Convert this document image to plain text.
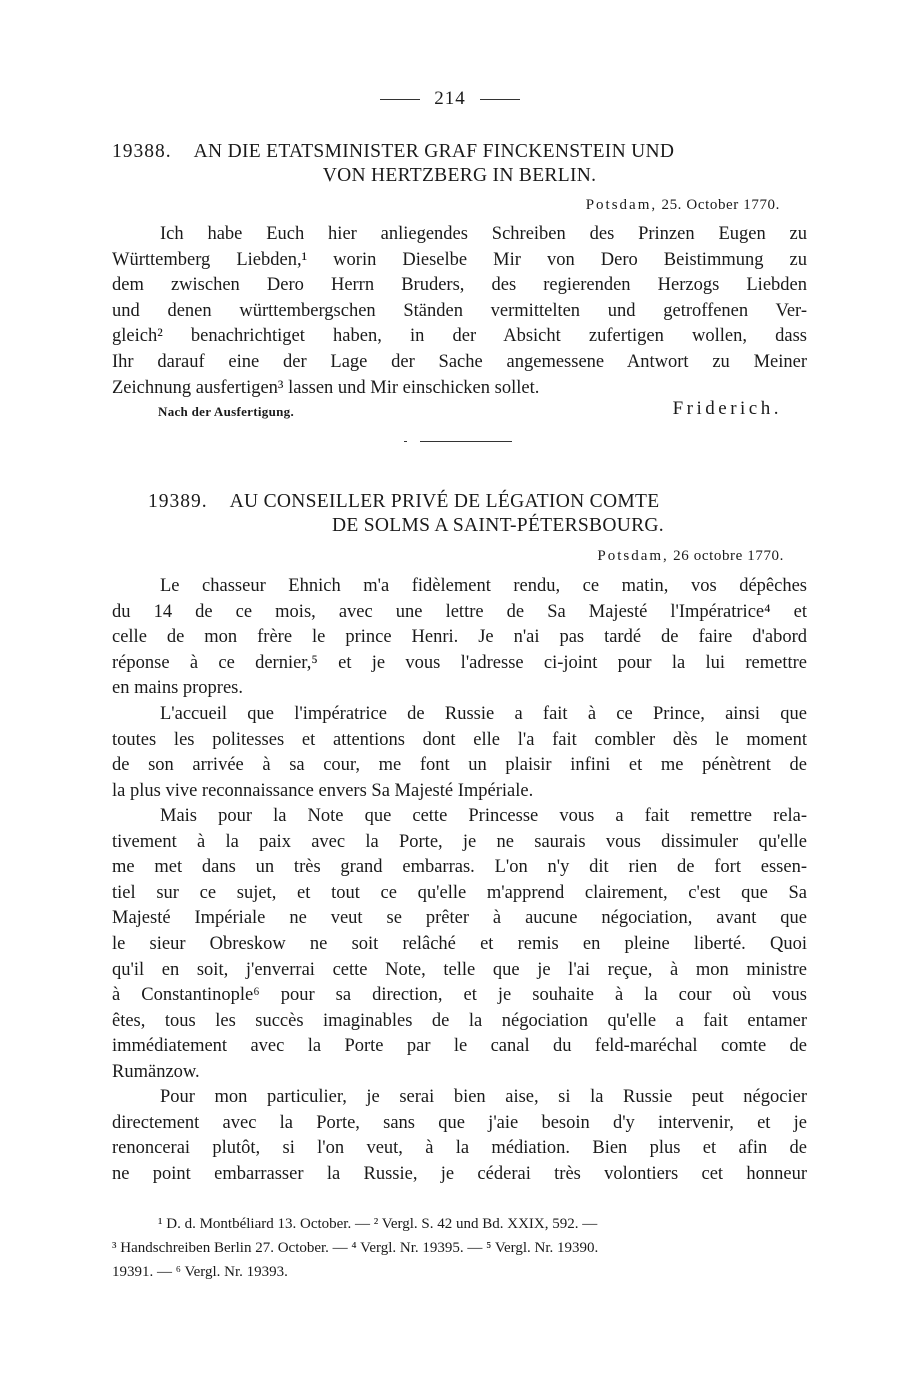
214
19388. AN DIE ETATSMINISTER GRAF FINCKENSTEIN UND
VON HERTZBERG IN BERLIN.
Potsdam, 25. October 1770.
Ich habe Euch hier anliegendes Schreiben des Prinzen Eugen zu
Württemberg Liebden,¹ worin Dieselbe Mir von Dero Beistimmung zu
dem zwischen Dero Herrn Bruders, des regierenden Herzogs Liebden
und denen württembergschen Ständen vermittelten und getroffenen Ver-
gleich² benachrichtiget haben, in der Absicht zufertigen wollen, dass
Ihr darauf eine der Lage der Sache angemessene Antwort zu Meiner
Zeichnung ausfertigen³ lassen und Mir einschicken sollet.
Nach der Ausfertigung.	Friderich.
19389. AU CONSEILLER PRIVÉ DE LÉGATION COMTE
DE SOLMS A SAINT-PÉTERSBOURG.
Potsdam, 26 octobre 1770.
Le chasseur Ehnich m'a fidèlement rendu, ce matin, vos dépêches
du 14 de ce mois, avec une lettre de Sa Majesté l'Impératrice⁴ et
celle de mon frère le prince Henri. Je n'ai pas tardé de faire d'abord
réponse à ce dernier,⁵ et je vous l'adresse ci-joint pour la lui remettre
en mains propres.
L'accueil que l'impératrice de Russie a fait à ce Prince, ainsi que
toutes les politesses et attentions dont elle l'a fait combler dès le moment
de son arrivée à sa cour, me font un plaisir infini et me pénètrent de
la plus vive reconnaissance envers Sa Majesté Impériale.
Mais pour la Note que cette Princesse vous a fait remettre rela-
tivement à la paix avec la Porte, je ne saurais vous dissimuler qu'elle
me met dans un très grand embarras. L'on n'y dit rien de fort essen-
tiel sur ce sujet, et tout ce qu'elle m'apprend clairement, c'est que Sa
Majesté Impériale ne veut se prêter à aucune négociation, avant que
le sieur Obreskow ne soit relâché et remis en pleine liberté. Quoi
qu'il en soit, j'enverrai cette Note, telle que je l'ai reçue, à mon ministre
à Constantinople⁶ pour sa direction, et je souhaite à la cour où vous
êtes, tous les succès imaginables de la négociation qu'elle a fait entamer
immédiatement avec la Porte par le canal du feld-maréchal comte de
Rumänzow.
Pour mon particulier, je serai bien aise, si la Russie peut négocier
directement avec la Porte, sans que j'aie besoin d'y intervenir, et je
renoncerai plutôt, si l'on veut, à la médiation. Bien plus et afin de
ne point embarrasser la Russie, je céderai très volontiers cet honneur
¹ D. d. Montbéliard 13. October. — ² Vergl. S. 42 und Bd. XXIX, 592. —
³ Handschreiben Berlin 27. October. — ⁴ Vergl. Nr. 19395. — ⁵ Vergl. Nr. 19390.
19391. — ⁶ Vergl. Nr. 19393.
